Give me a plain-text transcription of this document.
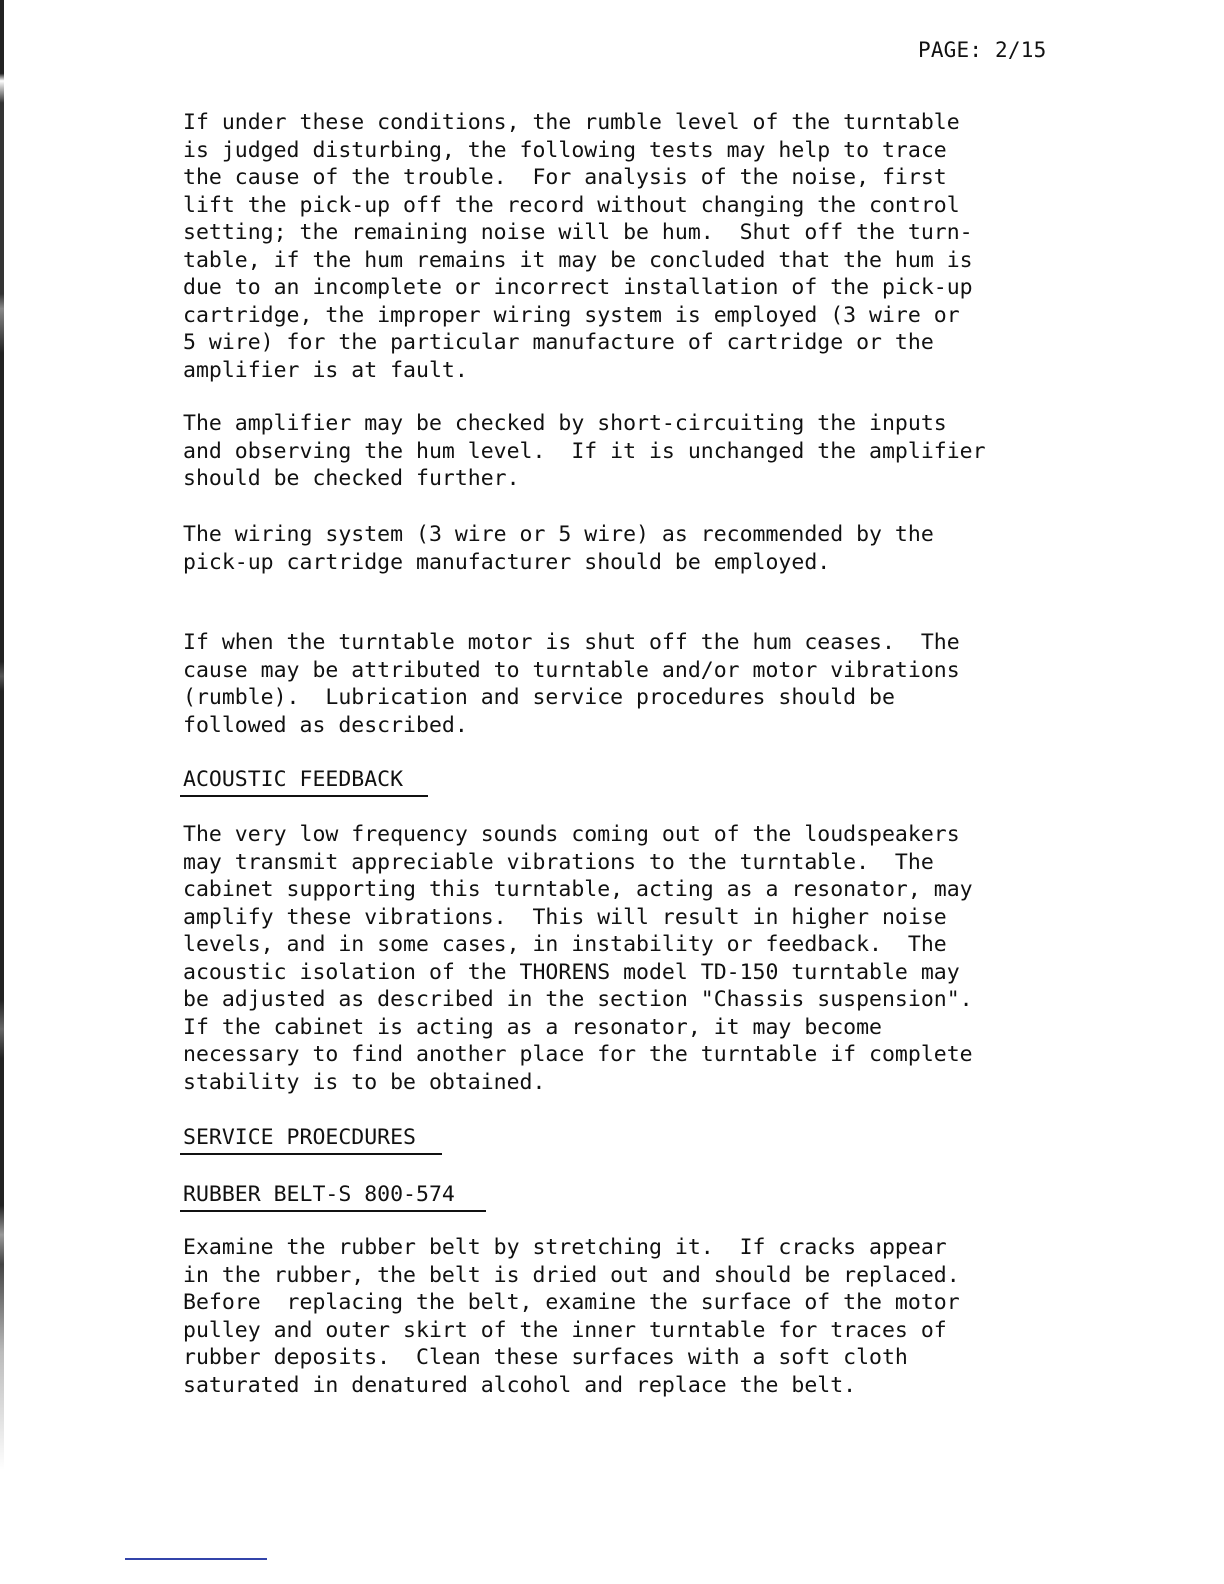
PAGE: 2/15
If under these conditions, the rumble level of the turntable
is judged disturbing, the following tests may help to trace
the cause of the trouble.  For analysis of the noise, first
lift the pick-up off the record without changing the control
setting; the remaining noise will be hum.  Shut off the turn-
table, if the hum remains it may be concluded that the hum is
due to an incomplete or incorrect installation of the pick-up
cartridge, the improper wiring system is employed (3 wire or
5 wire) for the particular manufacture of cartridge or the
amplifier is at fault.
The amplifier may be checked by short-circuiting the inputs
and observing the hum level.  If it is unchanged the amplifier
should be checked further.
The wiring system (3 wire or 5 wire) as recommended by the
pick-up cartridge manufacturer should be employed.
If when the turntable motor is shut off the hum ceases.  The
cause may be attributed to turntable and/or motor vibrations
(rumble).  Lubrication and service procedures should be
followed as described.
ACOUSTIC FEEDBACK
The very low frequency sounds coming out of the loudspeakers
may transmit appreciable vibrations to the turntable.  The
cabinet supporting this turntable, acting as a resonator, may
amplify these vibrations.  This will result in higher noise
levels, and in some cases, in instability or feedback.  The
acoustic isolation of the THORENS model TD-150 turntable may
be adjusted as described in the section "Chassis suspension".
If the cabinet is acting as a resonator, it may become
necessary to find another place for the turntable if complete
stability is to be obtained.
SERVICE PROECDURES
RUBBER BELT-S 800-574
Examine the rubber belt by stretching it.  If cracks appear
in the rubber, the belt is dried out and should be replaced.
Before  replacing the belt, examine the surface of the motor
pulley and outer skirt of the inner turntable for traces of
rubber deposits.  Clean these surfaces with a soft cloth
saturated in denatured alcohol and replace the belt.
